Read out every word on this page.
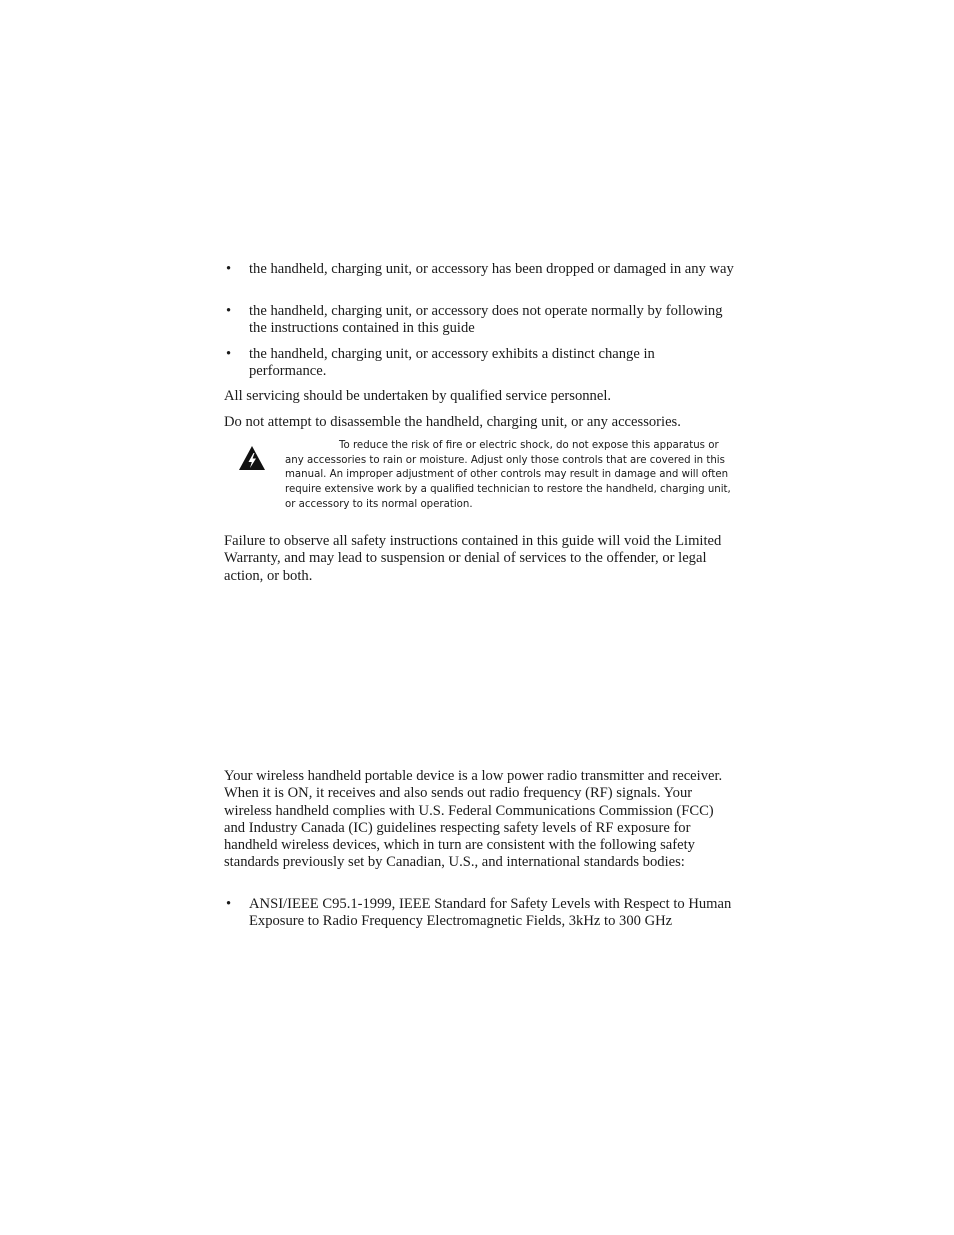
• the handheld, charging unit, or accessory has been dropped or damaged in any way
• the handheld, charging unit, or accessory does not operate normally by following the instructions contained in this guide
• the handheld, charging unit, or accessory exhibits a distinct change in performance.

All servicing should be undertaken by qualified service personnel.

Do not attempt to disassemble the handheld, charging unit, or any accessories.

To reduce the risk of fire or electric shock, do not expose this apparatus or any accessories to rain or moisture. Adjust only those controls that are covered in this manual. An improper adjustment of other controls may result in damage and will often require extensive work by a qualified technician to restore the handheld, charging unit, or accessory to its normal operation.

Failure to observe all safety instructions contained in this guide will void the Limited Warranty, and may lead to suspension or denial of services to the offender, or legal action, or both.

Your wireless handheld portable device is a low power radio transmitter and receiver. When it is ON, it receives and also sends out radio frequency (RF) signals. Your wireless handheld complies with U.S. Federal Communications Commission (FCC) and Industry Canada (IC) guidelines respecting safety levels of RF exposure for handheld wireless devices, which in turn are consistent with the following safety standards previously set by Canadian, U.S., and international standards bodies:

• ANSI/IEEE C95.1-1999, IEEE Standard for Safety Levels with Respect to Human Exposure to Radio Frequency Electromagnetic Fields, 3kHz to 300 GHz
